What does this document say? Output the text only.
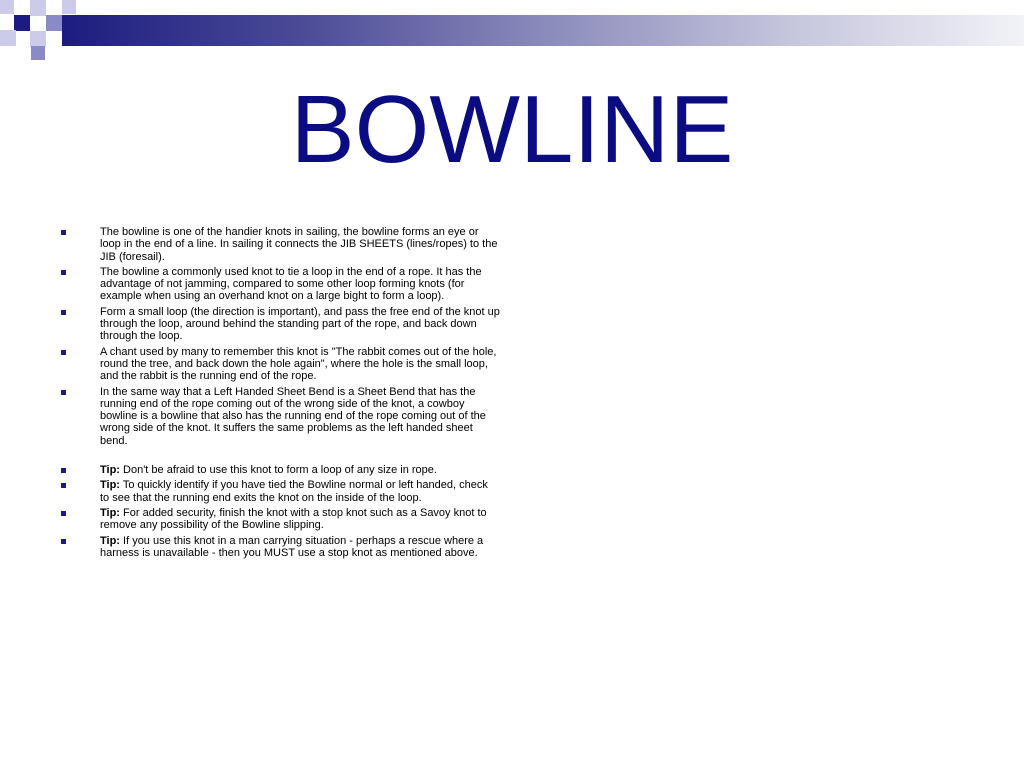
BOWLINE
The bowline is one of the handier knots in sailing, the bowline forms an eye or loop in the end of a line. In sailing it connects the JIB SHEETS (lines/ropes) to the JIB (foresail).
The bowline a commonly used knot to tie a loop in the end of a rope. It has the advantage of not jamming, compared to some other loop forming knots (for example when using an overhand knot on a large bight to form a loop).
Form a small loop (the direction is important), and pass the free end of the knot up through the loop, around behind the standing part of the rope, and back down through the loop.
A chant used by many to remember this knot is "The rabbit comes out of the hole, round the tree, and back down the hole again", where the hole is the small loop, and the rabbit is the running end of the rope.
In the same way that a Left Handed Sheet Bend is a Sheet Bend that has the running end of the rope coming out of the wrong side of the knot, a cowboy bowline is a bowline that also has the running end of the rope coming out of the wrong side of the knot. It suffers the same problems as the left handed sheet bend.
Tip: Don't be afraid to use this knot to form a loop of any size in rope.
Tip: To quickly identify if you have tied the Bowline normal or left handed, check to see that the running end exits the knot on the inside of the loop.
Tip: For added security, finish the knot with a stop knot such as a Savoy knot to remove any possibility of the Bowline slipping.
Tip: If you use this knot in a man carrying situation - perhaps a rescue where a harness is unavailable - then you MUST use a stop knot as mentioned above.
